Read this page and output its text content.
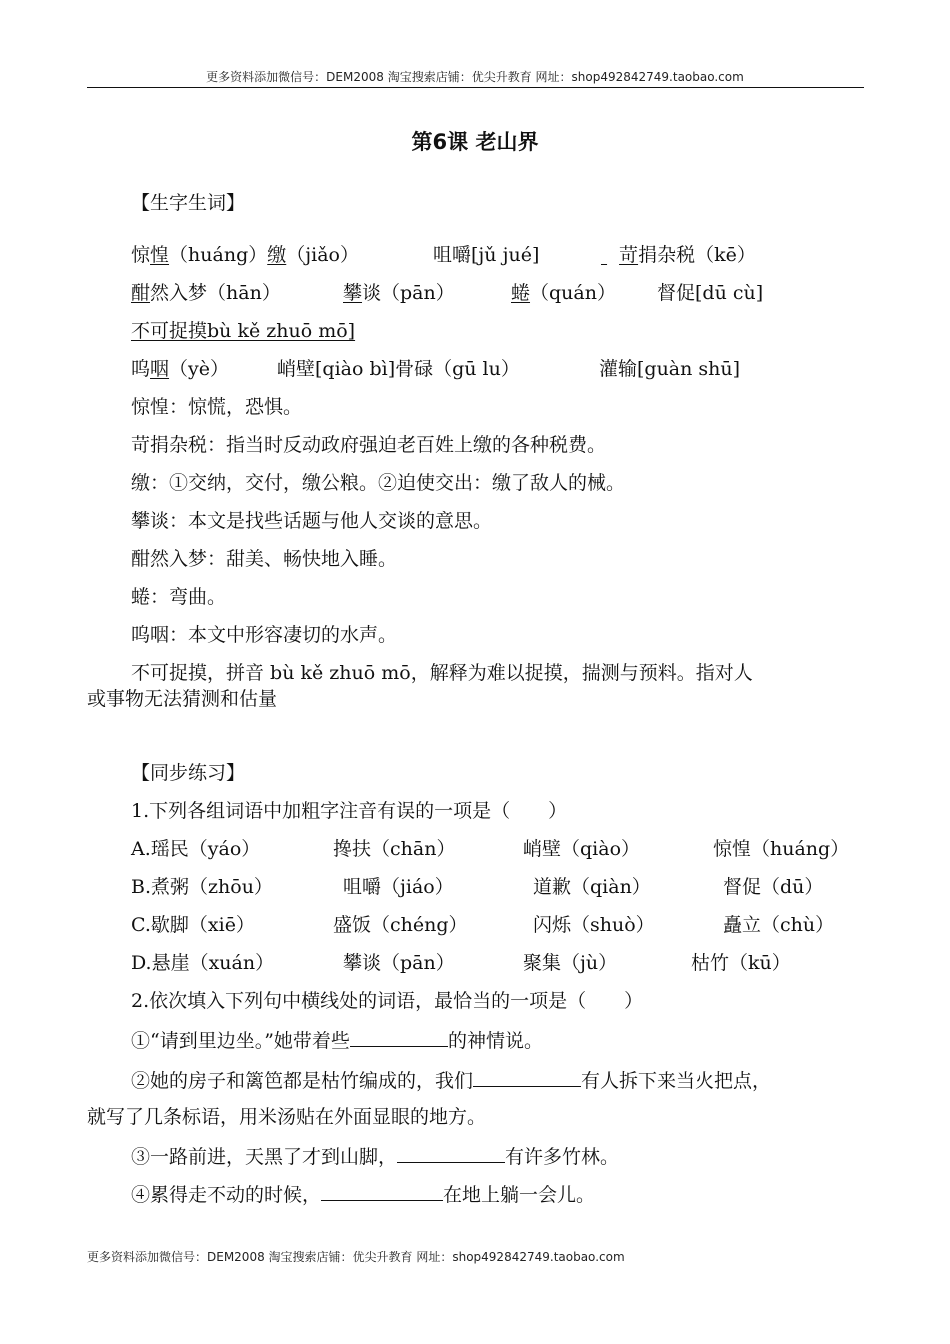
更多资料添加微信号：DEM2008 淘宝搜索店铺：优尖升教育 网址：shop492842749.taobao.com
第6课 老山界
【生字生词】
惊惶（huáng）缴（jiǎo）	咀嚼[jǔ jué]	苛捐杂税（kē）
酣然入梦（hān）	攀谈（pān）	蜷（quán） 督促[dū cù]
不可捉摸bù kě zhuō mō]
呜咽（yè）	峭壁[qiào bì]骨碌（gū lu）	灌输[guàn shū]
惊惶：惊慌，恐惧。
苛捐杂税：指当时反动政府强迫老百姓上缴的各种税费。
缴：①交纳，交付，缴公粮。②迫使交出：缴了敌人的械。
攀谈：本文是找些话题与他人交谈的意思。
酣然入梦：甜美、畅快地入睡。
蜷：弯曲。
呜咽：本文中形容凄切的水声。
不可捉摸，拼音 bù kě zhuō mō，解释为难以捉摸，揣测与预料。指对人
或事物无法猜测和估量
【同步练习】
1.下列各组词语中加粗字注音有误的一项是（　　）
A.瑶民（yáo）	搀扶（chān）	峭壁（qiào）	惊惶（huáng）
B.煮粥（zhōu）	咀嚼（jiáo）	道歉（qiàn）	督促（dū）
C.歇脚（xiē）	盛饭（chéng）	闪烁（shuò）	矗立（chù）
D.悬崖（xuán）	攀谈（pān）	聚集（jù）	枯竹（kū）
2.依次填入下列句中横线处的词语，最恰当的一项是（　　）
①“请到里边坐。”她带着些	的神情说。
②她的房子和篱笆都是枯竹编成的，我们	有人拆下来当火把点，
就写了几条标语，用米汤贴在外面显眼的地方。
③一路前进，天黑了才到山脚，	有许多竹林。
④累得走不动的时候，	在地上躺一会儿。
更多资料添加微信号：DEM2008 淘宝搜索店铺：优尖升教育 网址：shop492842749.taobao.com
